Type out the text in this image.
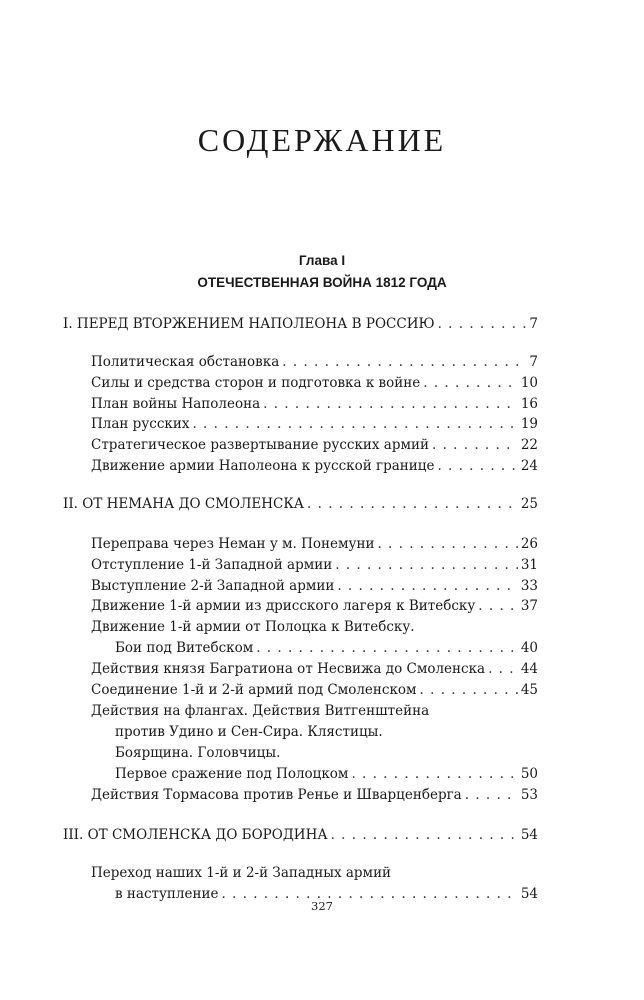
СОДЕРЖАНИЕ
Глава I
ОТЕЧЕСТВЕННАЯ ВОЙНА 1812 ГОДА
I. ПЕРЕД ВТОРЖЕНИЕМ НАПОЛЕОНА В РОССИЮ . . .	7
Политическая обстановка . . .	7
Силы и средства сторон и подготовка к войне . . .	10
План войны Наполеона . . .	16
План русских . . .	19
Стратегическое развертывание русских армий . . .	22
Движение армии Наполеона к русской границе . . .	24
II. ОТ НЕМАНА ДО СМОЛЕНСКА . . .	25
Переправа через Неман у м. Понемуни . . .	26
Отступление 1-й Западной армии . . .	31
Выступление 2-й Западной армии . . .	33
Движение 1-й армии из дрисского лагеря к Витебску . . .	37
Движение 1-й армии от Полоцка к Витебску.
Бои под Витебском . . .	40
Действия князя Багратиона от Несвижа до Смоленска . . .	44
Соединение 1-й и 2-й армий под Смоленском . . .	45
Действия на флангах. Действия Витгенштейна
против Удино и Сен-Сира. Клястицы.
Боярщина. Головчицы.
Первое сражение под Полоцком . . .	50
Действия Тормасова против Ренье и Шварценберга . . .	53
III. ОТ СМОЛЕНСКА ДО БОРОДИНА . . .	54
Переход наших 1-й и 2-й Западных армий
в наступление . . .	54
327
